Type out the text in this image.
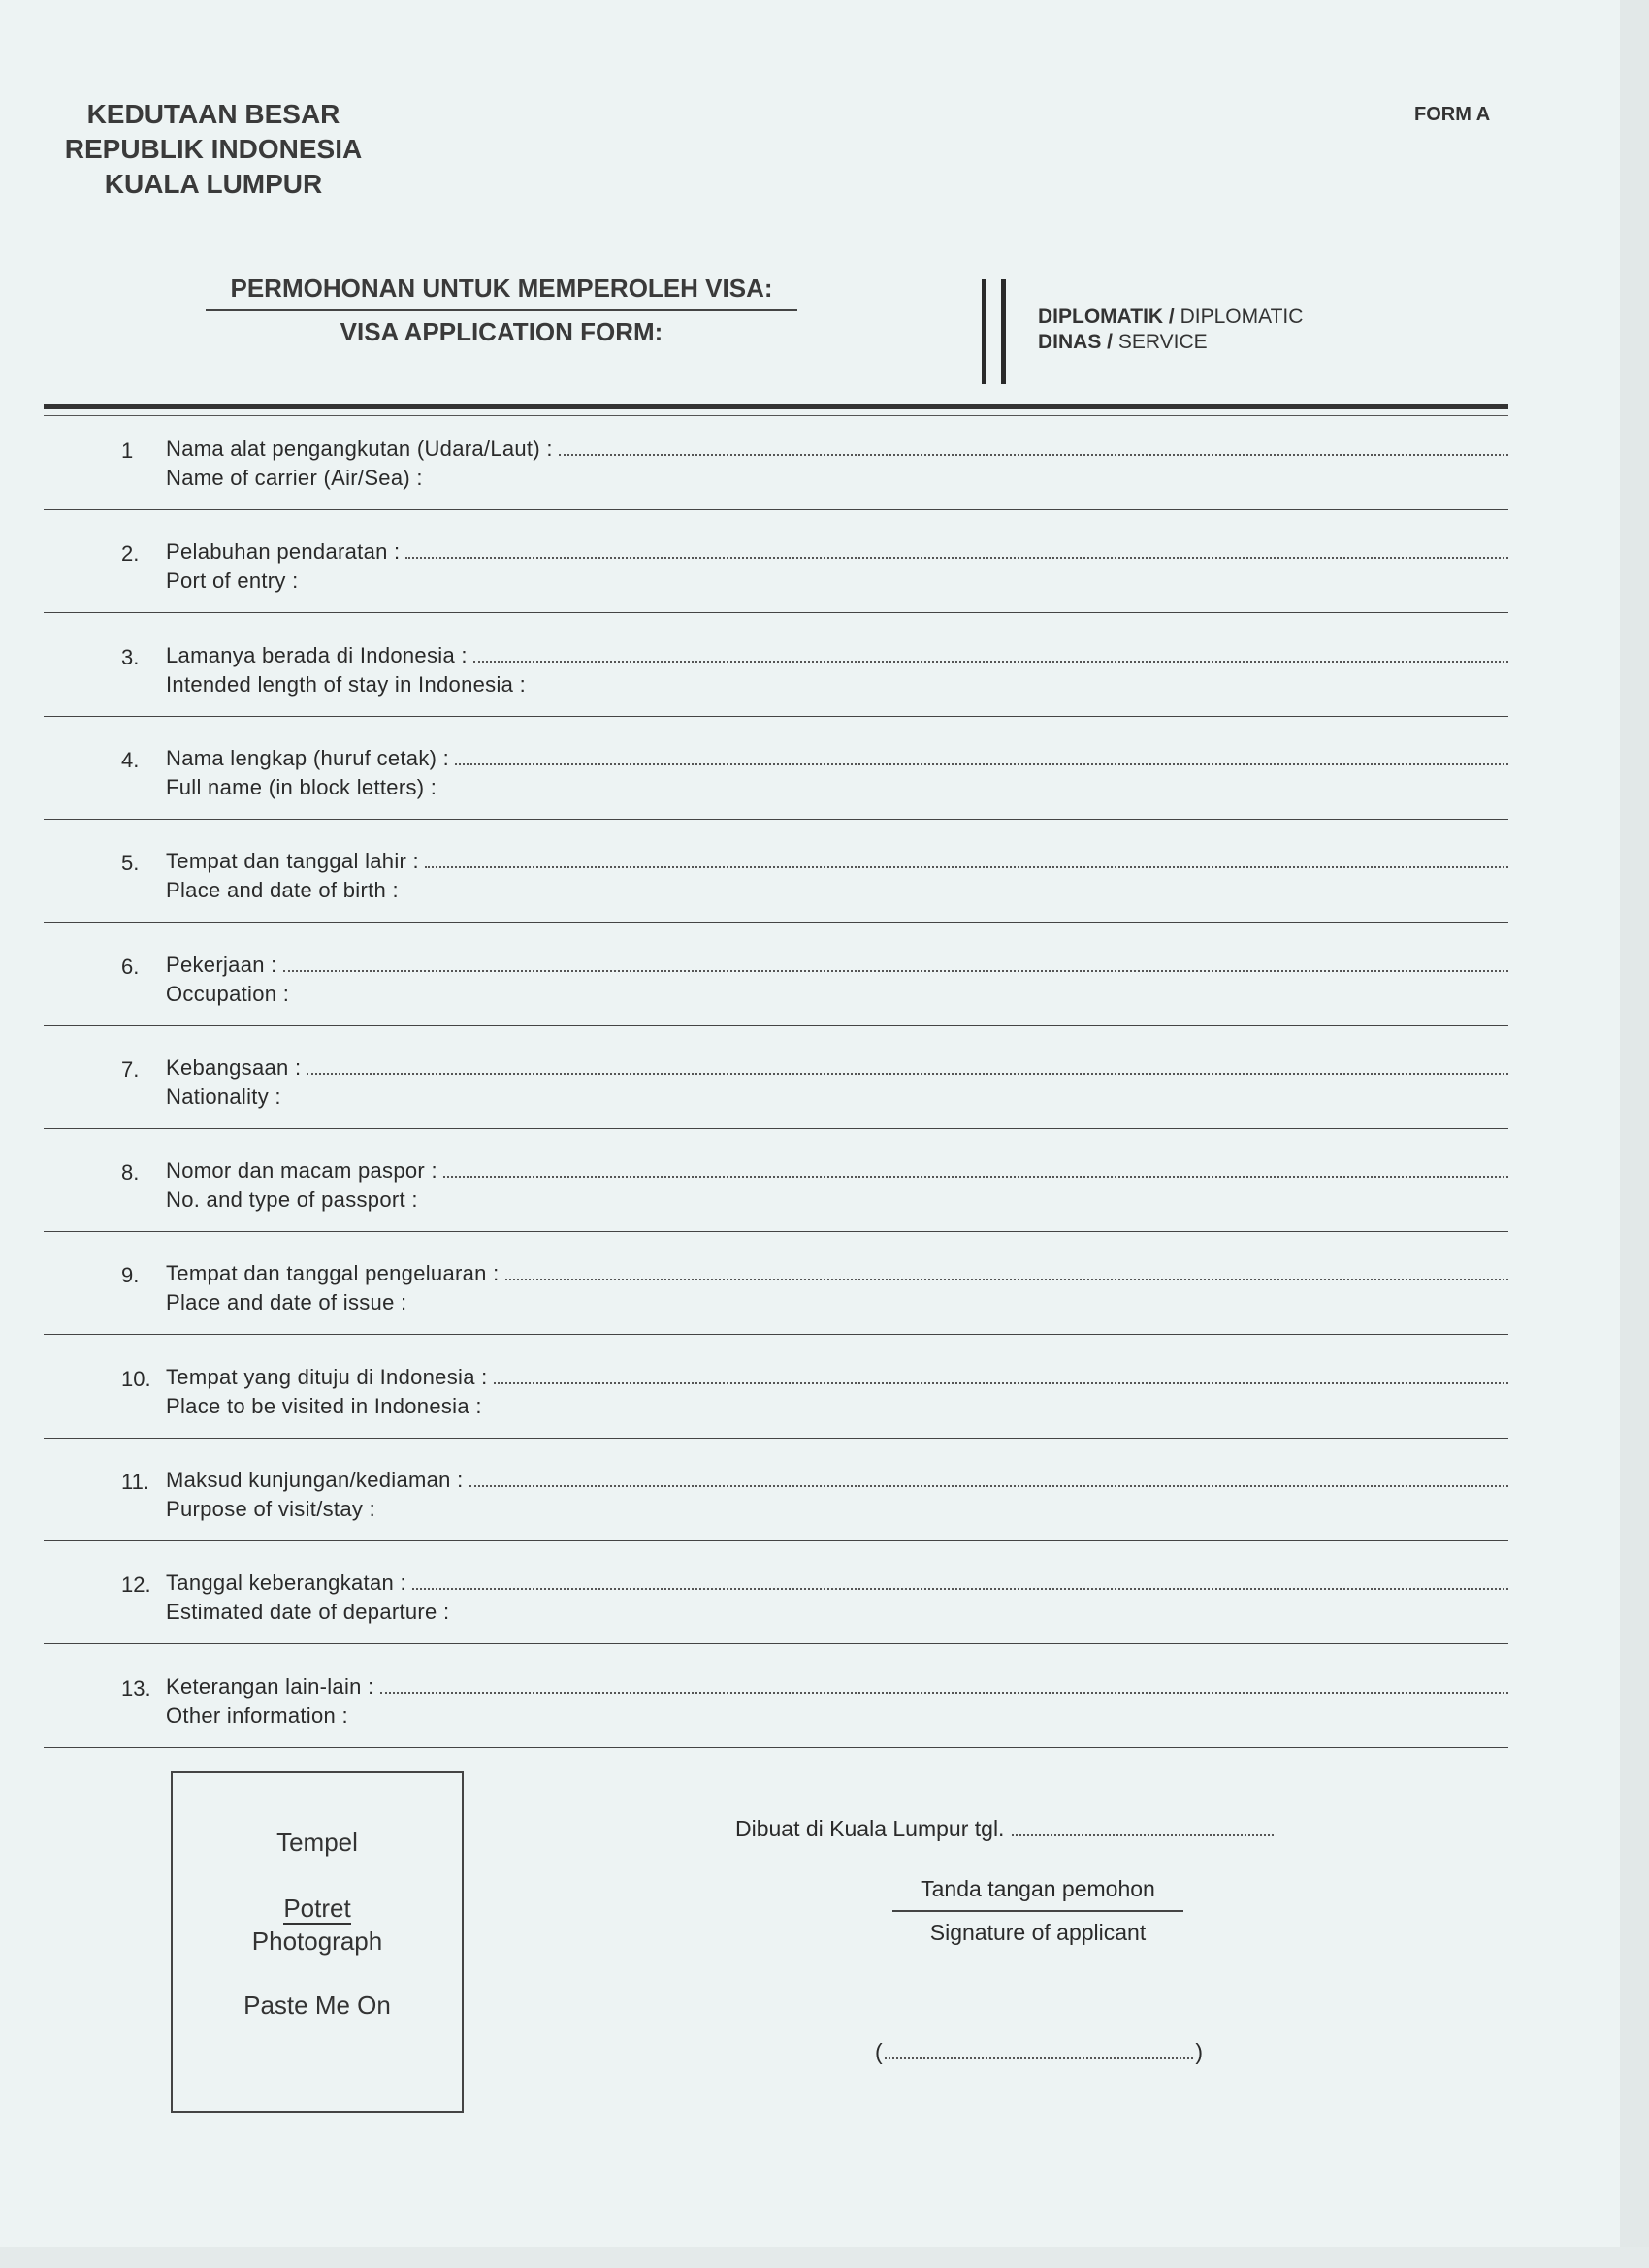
KEDUTAAN BESAR
REPUBLIK INDONESIA
KUALA LUMPUR
FORM A
PERMOHONAN UNTUK MEMPEROLEH VISA:
VISA APPLICATION FORM:
DIPLOMATIK / DIPLOMATIC
DINAS / SERVICE
1 Nama alat pengangkutan (Udara/Laut) :
Name of carrier (Air/Sea) :
2. Pelabuhan pendaratan :
Port of entry :
3. Lamanya berada di Indonesia :
Intended length of stay in Indonesia :
4. Nama lengkap (huruf cetak) :
Full name (in block letters) :
5. Tempat dan tanggal lahir :
Place and date of birth :
6. Pekerjaan :
Occupation :
7. Kebangsaan :
Nationality :
8. Nomor dan macam paspor :
No. and type of passport :
9. Tempat dan tanggal pengeluaran :
Place and date of issue :
10. Tempat yang dituju di Indonesia :
Place to be visited in Indonesia :
11. Maksud kunjungan/kediaman :
Purpose of visit/stay :
12. Tanggal keberangkatan :
Estimated date of departure :
13. Keterangan lain-lain :
Other information :
Tempel
Potret
Photograph
Paste Me On
Dibuat di Kuala Lumpur tgl.
Tanda tangan pemohon
Signature of applicant
(	)
